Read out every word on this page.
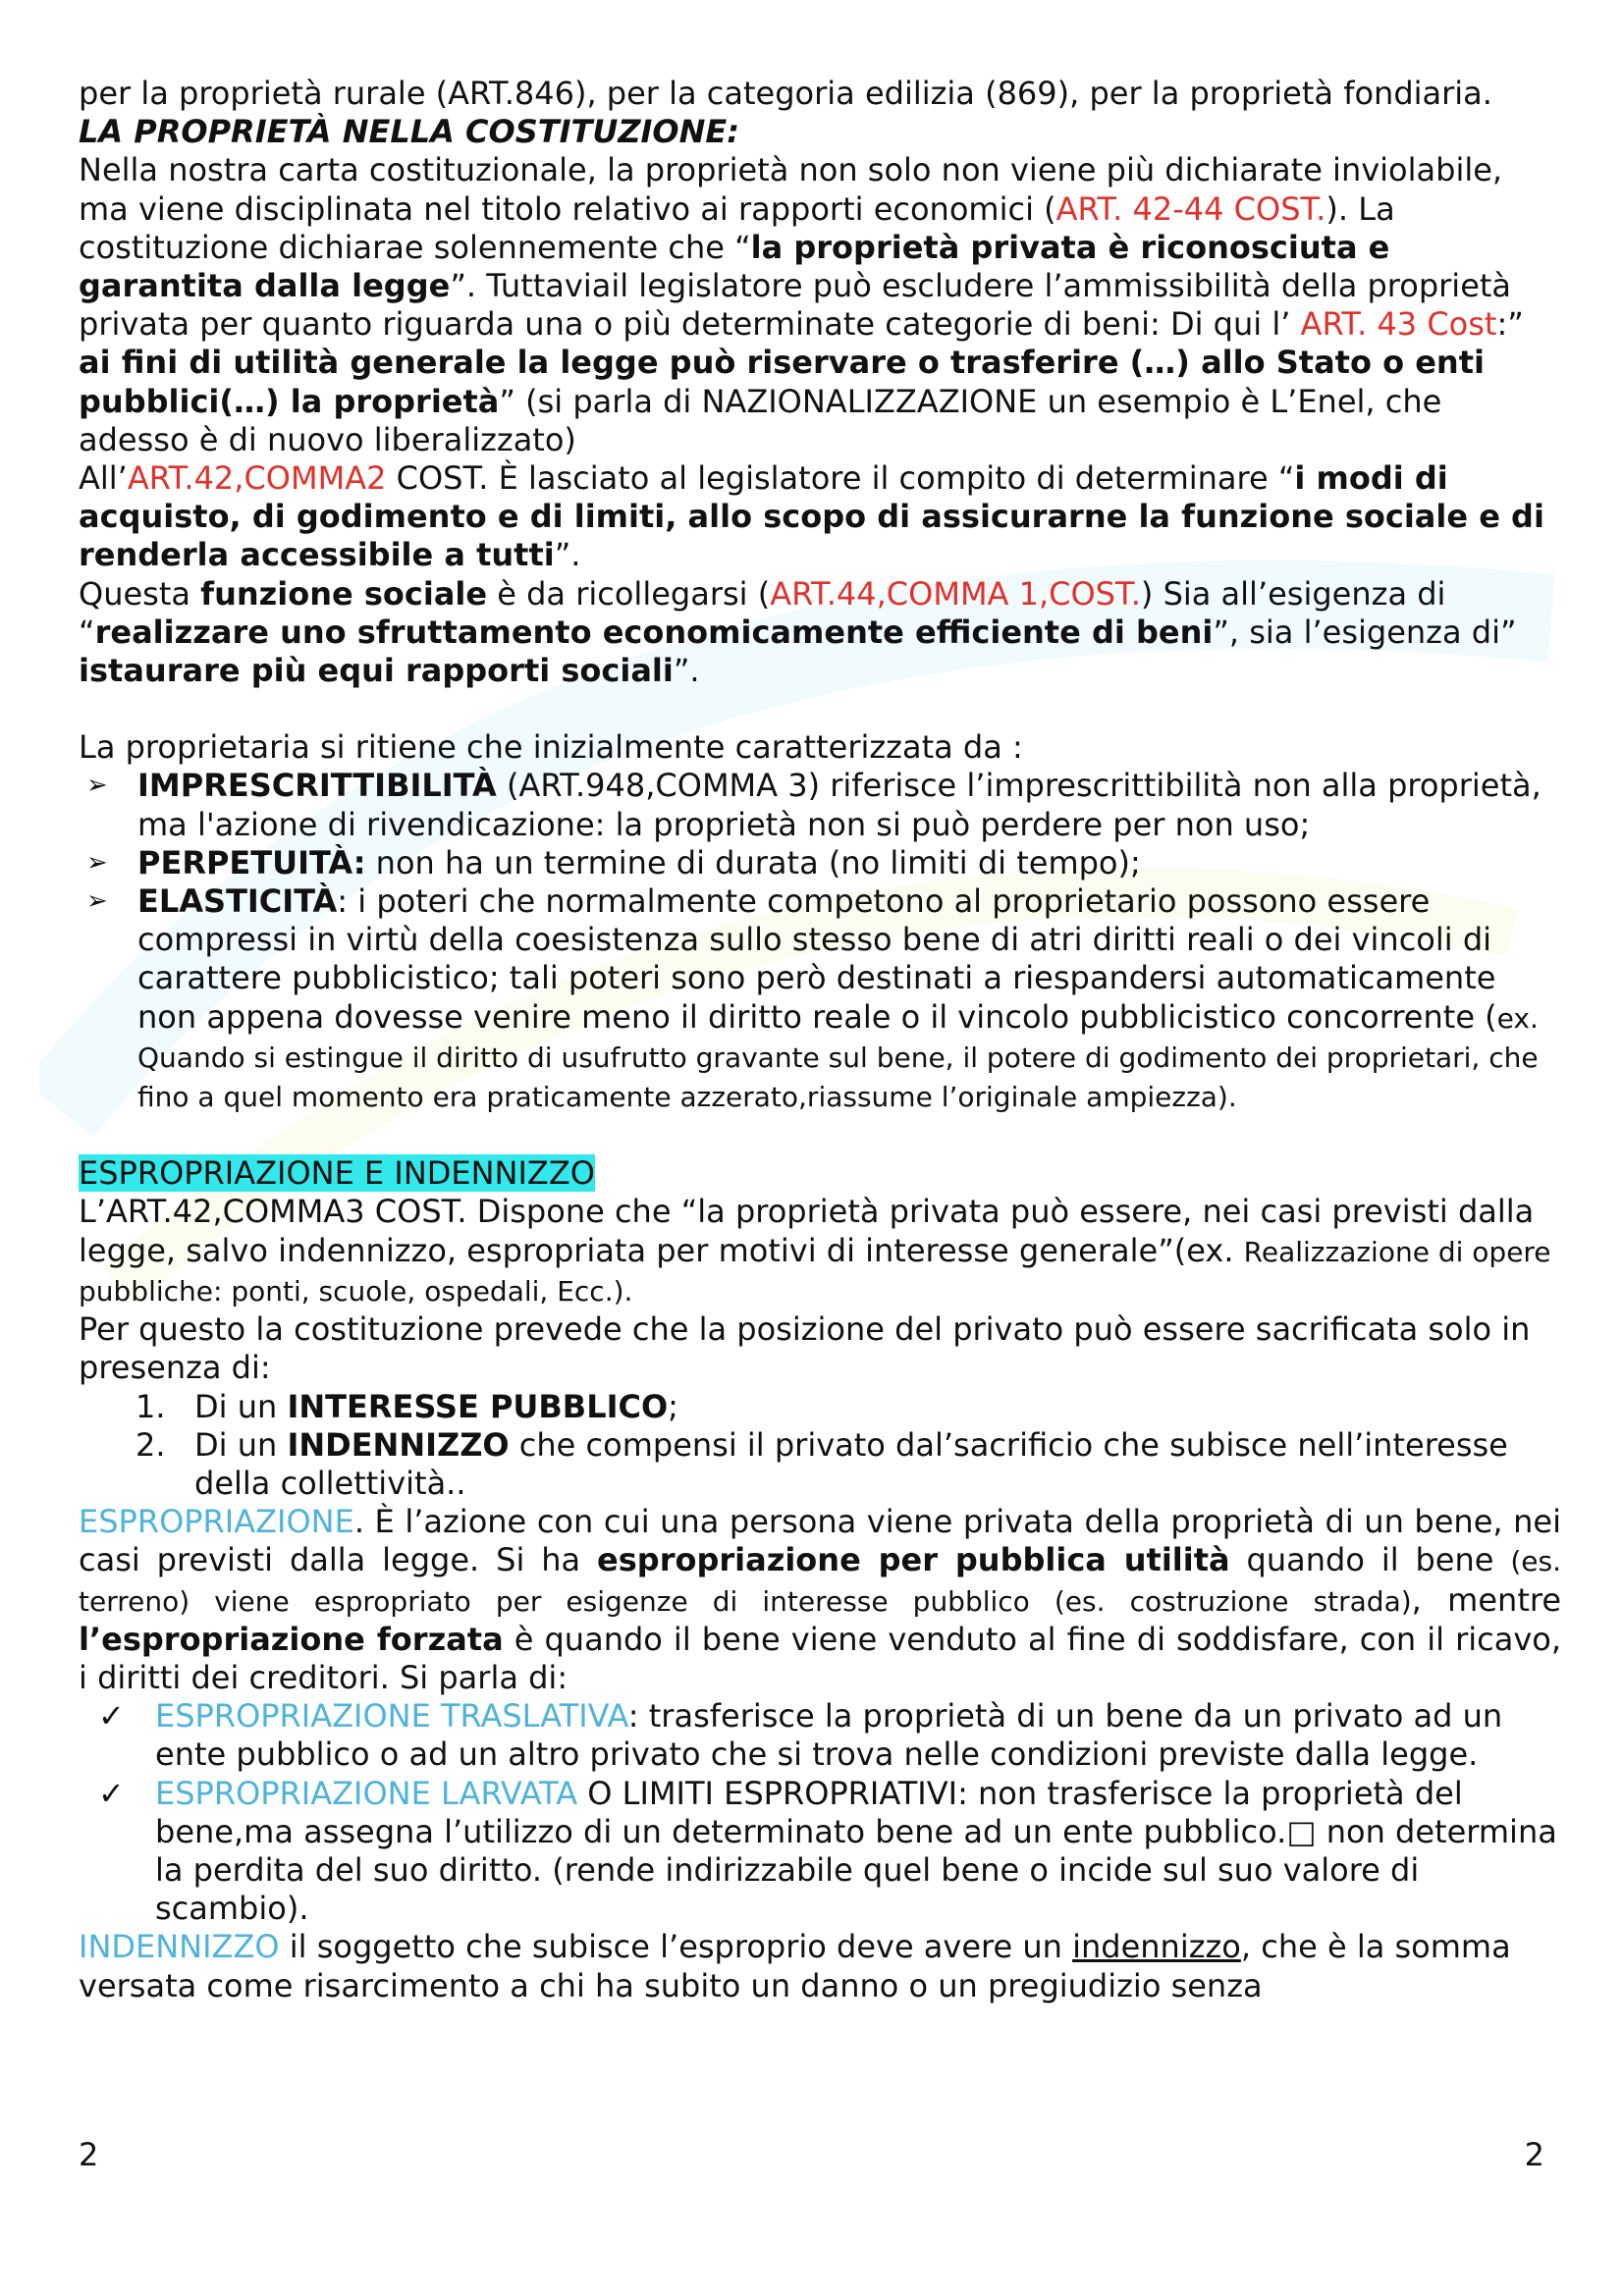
per la proprietà rurale (ART.846), per la categoria edilizia (869), per la proprietà fondiaria.

LA PROPRIETÀ NELLA COSTITUZIONE:

Nella nostra carta costituzionale, la proprietà non solo non viene più dichiarate inviolabile, ma viene disciplinata nel titolo relativo ai rapporti economici (ART. 42-44 COST.). La costituzione dichiarae solennemente che “la proprietà privata è riconosciuta e garantita dalla legge”. Tuttaviail legislatore può escludere l’ammissibilità della proprietà privata per quanto riguarda una o più determinate categorie di beni: Di qui l’ ART. 43 Cost:” ai fini di utilità generale la legge può riservare o trasferire (…) allo Stato o enti pubblici(…) la proprietà” (si parla di NAZIONALIZZAZIONE un esempio è L’Enel, che adesso è di nuovo liberalizzato)

All’ART.42,COMMA2 COST. È lasciato al legislatore il compito di determinare “i modi di acquisto, di godimento e di limiti, allo scopo di assicurarne la funzione sociale e di renderla accessibile a tutti”.

Questa funzione sociale è da ricollegarsi (ART.44,COMMA 1,COST.) Sia all’esigenza di “realizzare uno sfruttamento economicamente efficiente di beni”, sia l’esigenza di” istaurare più equi rapporti sociali”.

La proprietaria si ritiene che inizialmente caratterizzata da :

➢ IMPRESCRITTIBILITÀ (ART.948,COMMA 3) riferisce l’imprescrittibilità non alla proprietà, ma l'azione di rivendicazione: la proprietà non si può perdere per non uso;
➢ PERPETUITÀ: non ha un termine di durata (no limiti di tempo);
➢ ELASTICITÀ: i poteri che normalmente competono al proprietario possono essere compressi in virtù della coesistenza sullo stesso bene di atri diritti reali o dei vincoli di carattere pubblicistico; tali poteri sono però destinati a riespandersi automaticamente non appena dovesse venire meno il diritto reale o il vincolo pubblicistico concorrente (ex. Quando si estingue il diritto di usufrutto gravante sul bene, il potere di godimento dei proprietari, che fino a quel momento era praticamente azzerato,riassume l’originale ampiezza).

ESPROPRIAZIONE E INDENNIZZO

L’ART.42,COMMA3 COST. Dispone che “la proprietà privata può essere, nei casi previsti dalla legge, salvo indennizzo, espropriata per motivi di interesse generale”(ex. Realizzazione di opere pubbliche: ponti, scuole, ospedali, Ecc.).

Per questo la costituzione prevede che la posizione del privato può essere sacrificata solo in presenza di:

1. Di un INTERESSE PUBBLICO;
2. Di un INDENNIZZO che compensi il privato dal’sacrificio che subisce nell’interesse della collettività..

ESPROPRIAZIONE. È l’azione con cui una persona viene privata della proprietà di un bene, nei casi previsti dalla legge. Si ha espropriazione per pubblica utilità quando il bene (es. terreno) viene espropriato per esigenze di interesse pubblico (es. costruzione strada), mentre l’espropriazione forzata è quando il bene viene venduto al fine di soddisfare, con il ricavo, i diritti dei creditori. Si parla di:

✓ ESPROPRIAZIONE TRASLATIVA: trasferisce la proprietà di un bene da un privato ad un ente pubblico o ad un altro privato che si trova nelle condizioni previste dalla legge.
✓ ESPROPRIAZIONE LARVATA O LIMITI ESPROPRIATIVI: non trasferisce la proprietà del bene,ma assegna l’utilizzo di un determinato bene ad un ente pubblico.□ non determina la perdita del suo diritto. (rende indirizzabile quel bene o incide sul suo valore di scambio).

INDENNIZZO il soggetto che subisce l’esproprio deve avere un indennizzo, che è la somma versata come risarcimento a chi ha subito un danno o un pregiudizio senza

2	2
